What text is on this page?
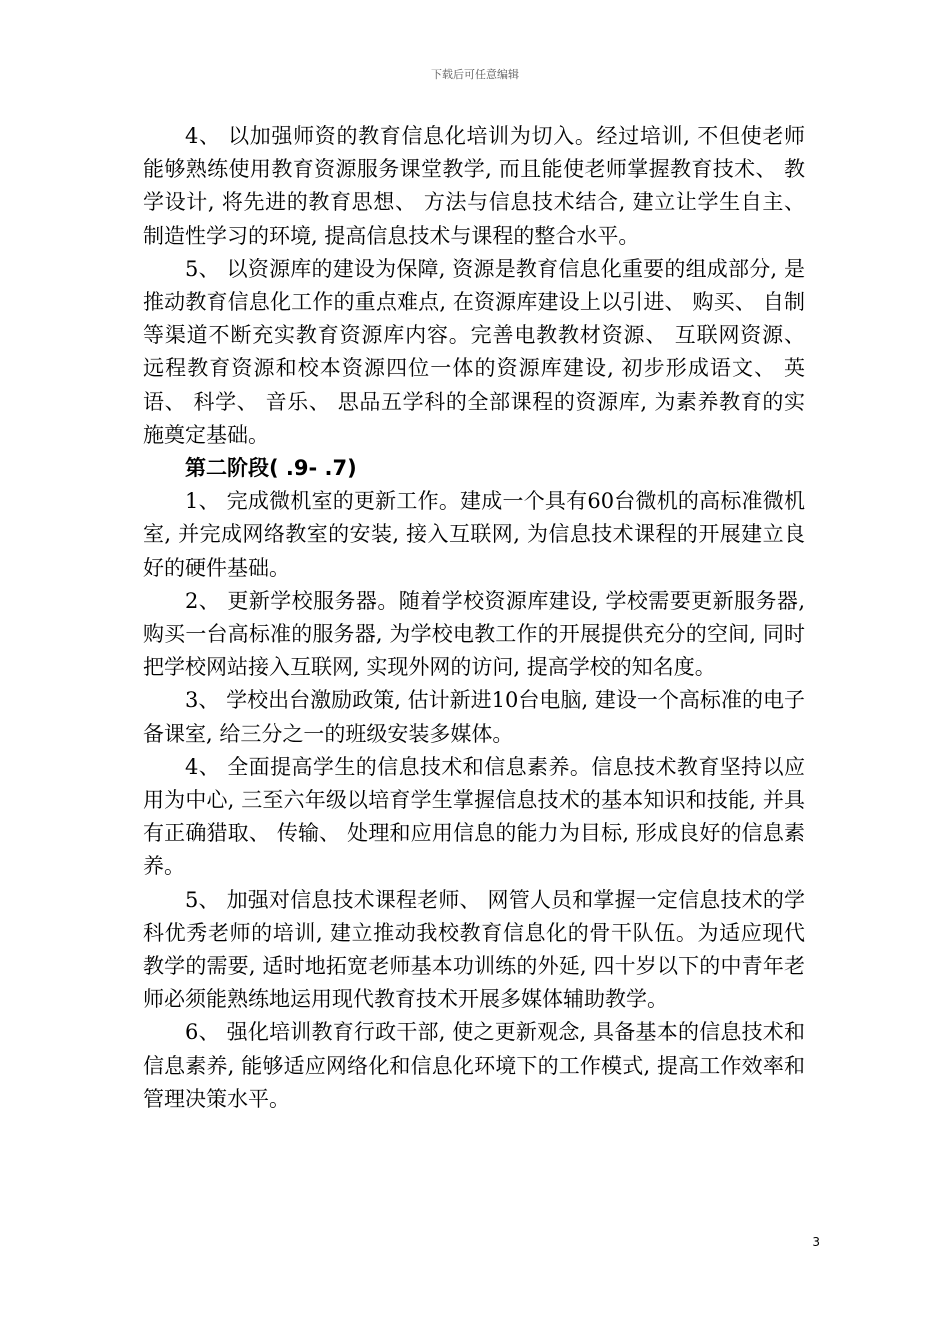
下载后可任意编辑

4、 以加强师资的教育信息化培训为切入。经过培训, 不但使老师能够熟练使用教育资源服务课堂教学, 而且能使老师掌握教育技术、 教学设计, 将先进的教育思想、 方法与信息技术结合, 建立让学生自主、 制造性学习的环境, 提高信息技术与课程的整合水平。

5、 以资源库的建设为保障, 资源是教育信息化重要的组成部分, 是推动教育信息化工作的重点难点, 在资源库建设上以引进、 购买、 自制等渠道不断充实教育资源库内容。完善电教教材资源、 互联网资源、 远程教育资源和校本资源四位一体的资源库建设, 初步形成语文、 英语、 科学、 音乐、 思品五学科的全部课程的资源库, 为素养教育的实施奠定基础。

第二阶段( .9- .7)

1、 完成微机室的更新工作。建成一个具有60台微机的高标准微机室, 并完成网络教室的安装, 接入互联网, 为信息技术课程的开展建立良好的硬件基础。

2、 更新学校服务器。随着学校资源库建设, 学校需要更新服务器, 购买一台高标准的服务器, 为学校电教工作的开展提供充分的空间, 同时把学校网站接入互联网, 实现外网的访问, 提高学校的知名度。

3、 学校出台激励政策, 估计新进10台电脑, 建设一个高标准的电子备课室, 给三分之一的班级安装多媒体。

4、 全面提高学生的信息技术和信息素养。信息技术教育坚持以应用为中心, 三至六年级以培育学生掌握信息技术的基本知识和技能, 并具有正确猎取、 传输、 处理和应用信息的能力为目标, 形成良好的信息素养。

5、 加强对信息技术课程老师、 网管人员和掌握一定信息技术的学科优秀老师的培训, 建立推动我校教育信息化的骨干队伍。为适应现代教学的需要, 适时地拓宽老师基本功训练的外延, 四十岁以下的中青年老师必须能熟练地运用现代教育技术开展多媒体辅助教学。

6、 强化培训教育行政干部, 使之更新观念, 具备基本的信息技术和信息素养, 能够适应网络化和信息化环境下的工作模式, 提高工作效率和管理决策水平。

3
